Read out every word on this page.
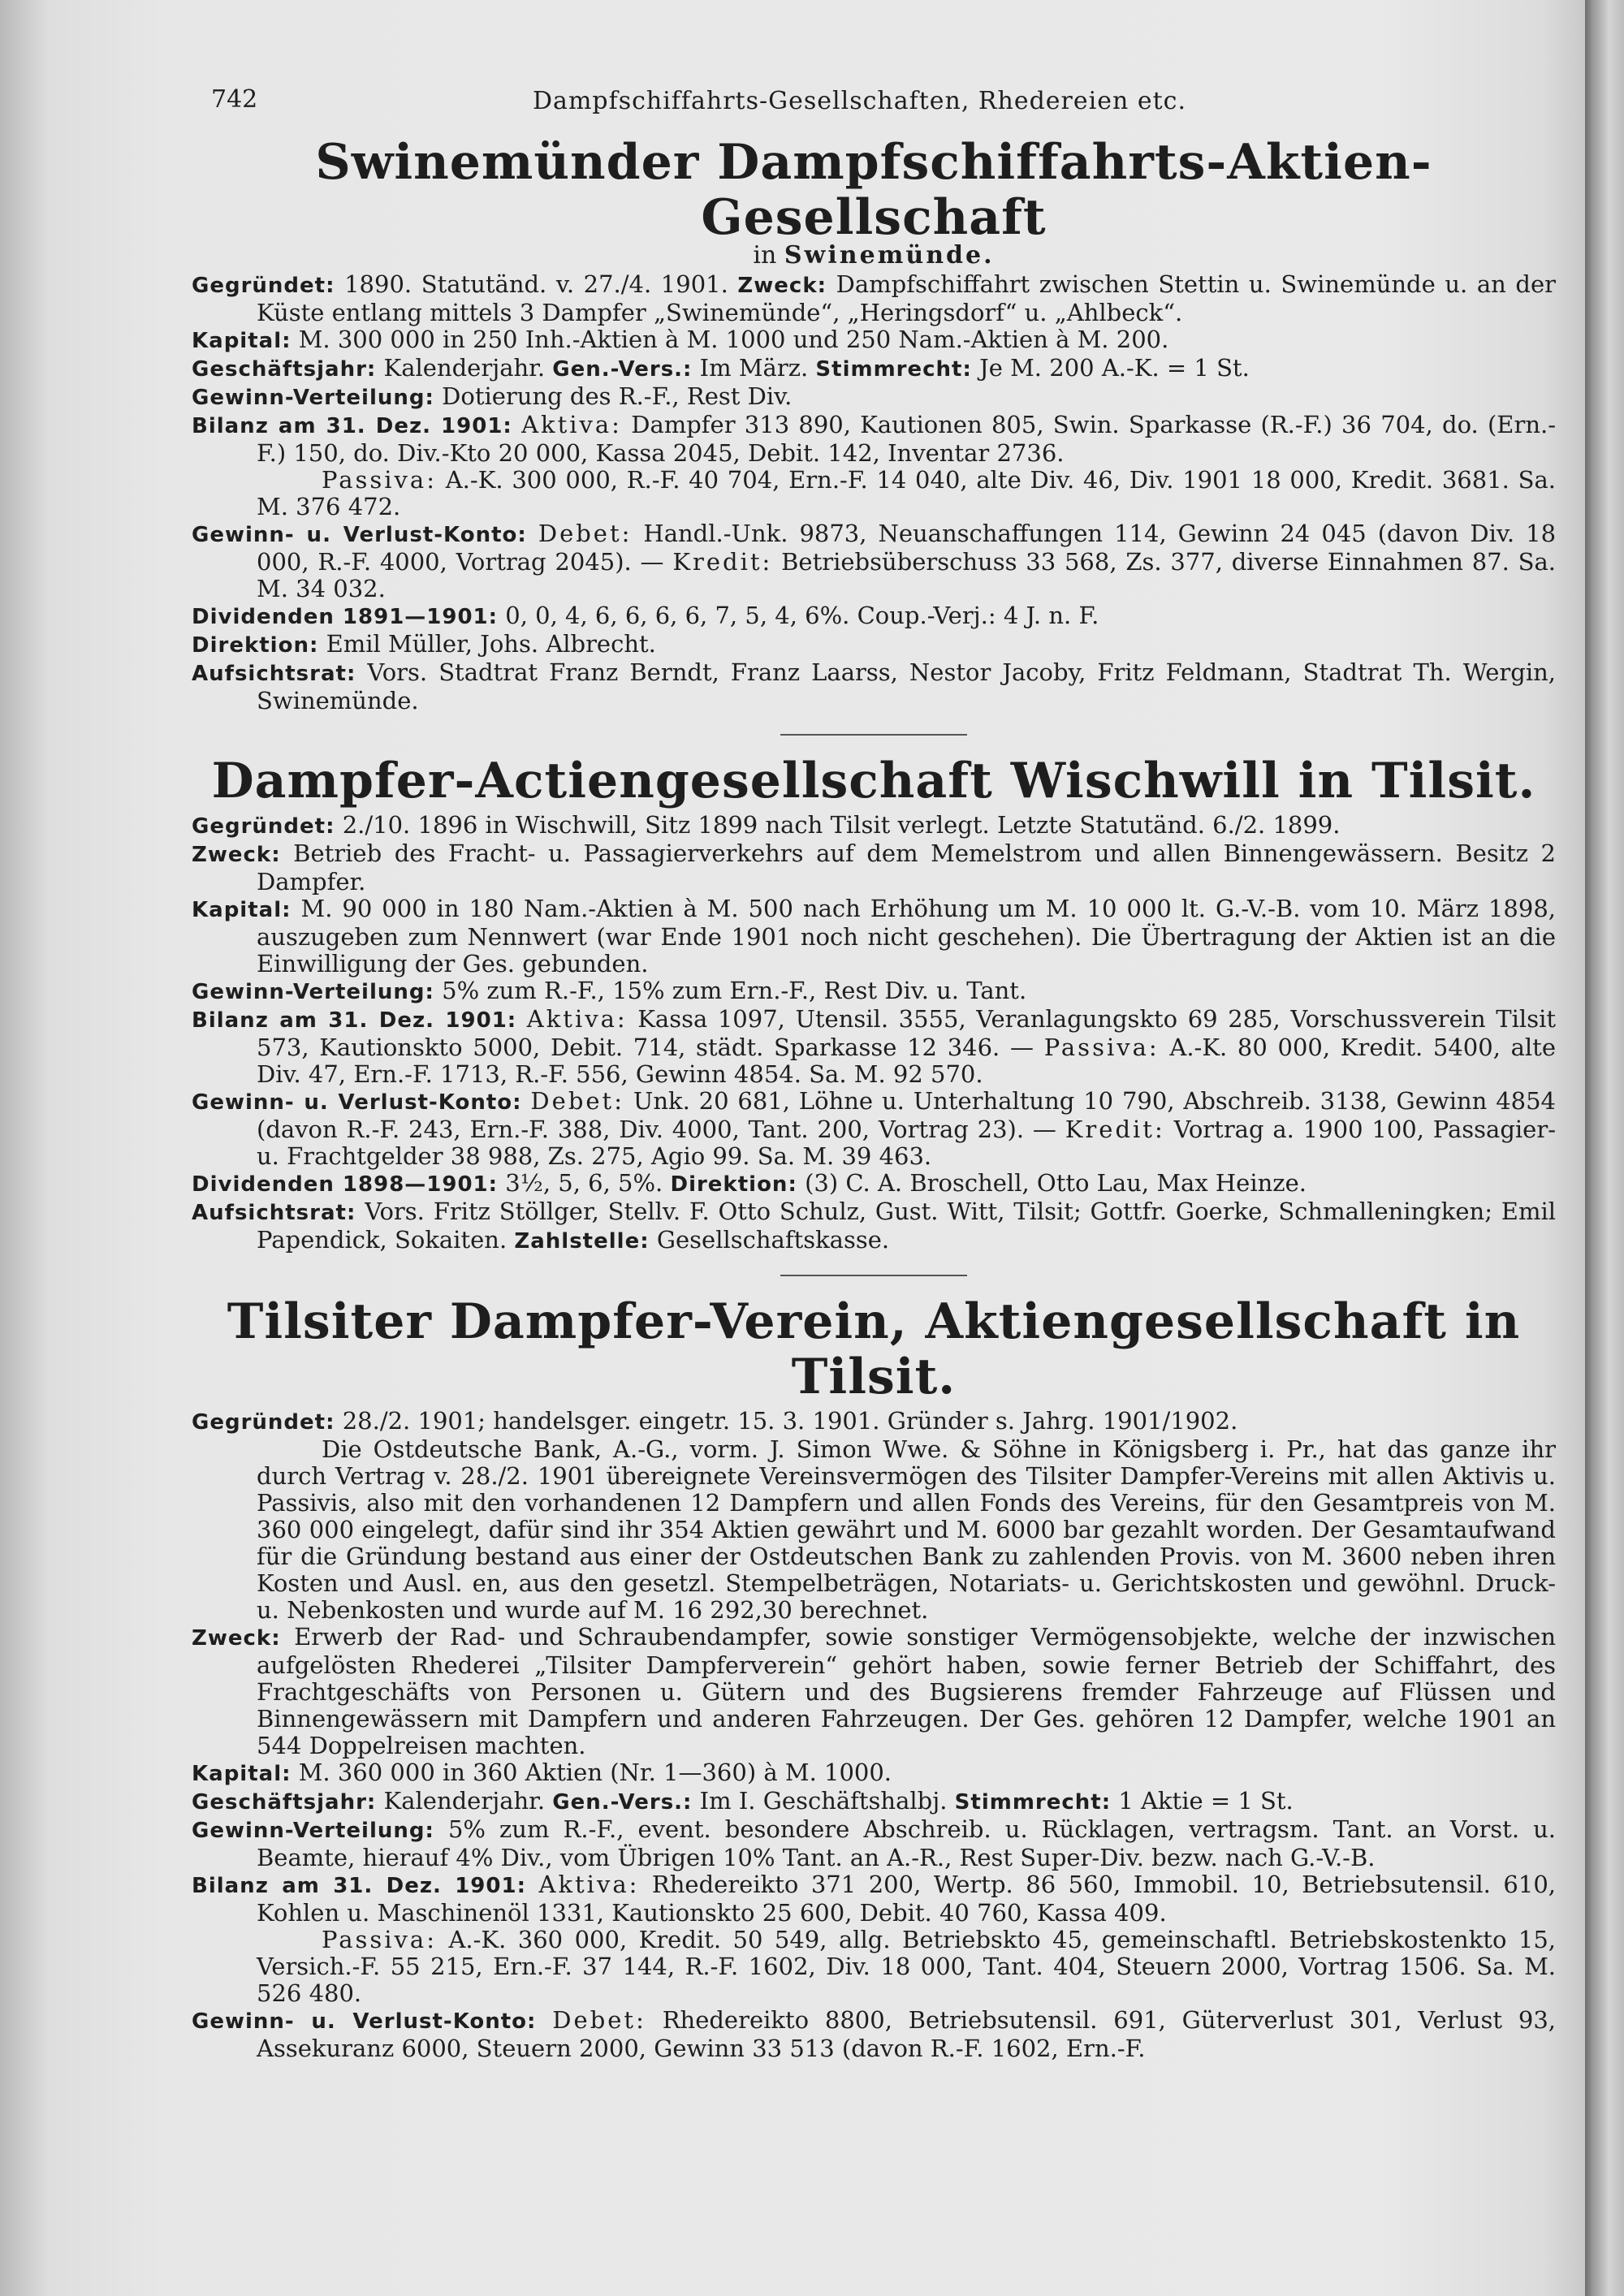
742	Dampfschiffahrts-Gesellschaften, Rhedereien etc.
Swinemünder Dampfschiffahrts-Aktien-Gesellschaft
in Swinemünde.

Gegründet: 1890. Statutänd. v. 27./4. 1901. Zweck: Dampfschiffahrt zwischen Stettin u. Swinemünde u. an der Küste entlang mittels 3 Dampfer „Swinemünde“, „Heringsdorf“ u. „Ahlbeck“.

Kapital: M. 300 000 in 250 Inh.-Aktien à M. 1000 und 250 Nam.-Aktien à M. 200.

Geschäftsjahr: Kalenderjahr. Gen.-Vers.: Im März. Stimmrecht: Je M. 200 A.-K. = 1 St.

Gewinn-Verteilung: Dotierung des R.-F., Rest Div.

Bilanz am 31. Dez. 1901: Aktiva: Dampfer 313 890, Kautionen 805, Swin. Sparkasse (R.-F.) 36 704, do. (Ern.-F.) 150, do. Div.-Kto 20 000, Kassa 2045, Debit. 142, Inventar 2736.

Passiva: A.-K. 300 000, R.-F. 40 704, Ern.-F. 14 040, alte Div. 46, Div. 1901 18 000, Kredit. 3681. Sa. M. 376 472.

Gewinn- u. Verlust-Konto: Debet: Handl.-Unk. 9873, Neuanschaffungen 114, Gewinn 24 045 (davon Div. 18 000, R.-F. 4000, Vortrag 2045). — Kredit: Betriebsüberschuss 33 568, Zs. 377, diverse Einnahmen 87. Sa. M. 34 032.

Dividenden 1891—1901: 0, 0, 4, 6, 6, 6, 6, 7, 5, 4, 6%. Coup.-Verj.: 4 J. n. F.

Direktion: Emil Müller, Johs. Albrecht.

Aufsichtsrat: Vors. Stadtrat Franz Berndt, Franz Laarss, Nestor Jacoby, Fritz Feldmann, Stadtrat Th. Wergin, Swinemünde.

Dampfer-Actiengesellschaft Wischwill in Tilsit.

Gegründet: 2./10. 1896 in Wischwill, Sitz 1899 nach Tilsit verlegt. Letzte Statutänd. 6./2. 1899.

Zweck: Betrieb des Fracht- u. Passagierverkehrs auf dem Memelstrom und allen Binnengewässern. Besitz 2 Dampfer.

Kapital: M. 90 000 in 180 Nam.-Aktien à M. 500 nach Erhöhung um M. 10 000 lt. G.-V.-B. vom 10. März 1898, auszugeben zum Nennwert (war Ende 1901 noch nicht geschehen). Die Übertragung der Aktien ist an die Einwilligung der Ges. gebunden.

Gewinn-Verteilung: 5% zum R.-F., 15% zum Ern.-F., Rest Div. u. Tant.

Bilanz am 31. Dez. 1901: Aktiva: Kassa 1097, Utensil. 3555, Veranlagungskto 69 285, Vorschussverein Tilsit 573, Kautionskto 5000, Debit. 714, städt. Sparkasse 12 346. — Passiva: A.-K. 80 000, Kredit. 5400, alte Div. 47, Ern.-F. 1713, R.-F. 556, Gewinn 4854. Sa. M. 92 570.

Gewinn- u. Verlust-Konto: Debet: Unk. 20 681, Löhne u. Unterhaltung 10 790, Abschreib. 3138, Gewinn 4854 (davon R.-F. 243, Ern.-F. 388, Div. 4000, Tant. 200, Vortrag 23). — Kredit: Vortrag a. 1900 100, Passagier- u. Frachtgelder 38 988, Zs. 275, Agio 99. Sa. M. 39 463.

Dividenden 1898—1901: 3½, 5, 6, 5%. Direktion: (3) C. A. Broschell, Otto Lau, Max Heinze.

Aufsichtsrat: Vors. Fritz Stöllger, Stellv. F. Otto Schulz, Gust. Witt, Tilsit; Gottfr. Goerke, Schmalleningken; Emil Papendick, Sokaiten. Zahlstelle: Gesellschaftskasse.

Tilsiter Dampfer-Verein, Aktiengesellschaft in Tilsit.

Gegründet: 28./2. 1901; handelsger. eingetr. 15. 3. 1901. Gründer s. Jahrg. 1901/1902.

Die Ostdeutsche Bank, A.-G., vorm. J. Simon Wwe. & Söhne in Königsberg i. Pr., hat das ganze ihr durch Vertrag v. 28./2. 1901 übereignete Vereinsvermögen des Tilsiter Dampfer-Vereins mit allen Aktivis u. Passivis, also mit den vorhandenen 12 Dampfern und allen Fonds des Vereins, für den Gesamtpreis von M. 360 000 eingelegt, dafür sind ihr 354 Aktien gewährt und M. 6000 bar gezahlt worden. Der Gesamtaufwand für die Gründung bestand aus einer der Ostdeutschen Bank zu zahlenden Provis. von M. 3600 neben ihren Kosten und Ausl. en, aus den gesetzl. Stempelbeträgen, Notariats- u. Gerichtskosten und gewöhnl. Druck- u. Nebenkosten und wurde auf M. 16 292,30 berechnet.

Zweck: Erwerb der Rad- und Schraubendampfer, sowie sonstiger Vermögensobjekte, welche der inzwischen aufgelösten Rhederei „Tilsiter Dampferverein“ gehört haben, sowie ferner Betrieb der Schiffahrt, des Frachtgeschäfts von Personen u. Gütern und des Bugsierens fremder Fahrzeuge auf Flüssen und Binnengewässern mit Dampfern und anderen Fahrzeugen. Der Ges. gehören 12 Dampfer, welche 1901 an 544 Doppelreisen machten.

Kapital: M. 360 000 in 360 Aktien (Nr. 1—360) à M. 1000.

Geschäftsjahr: Kalenderjahr. Gen.-Vers.: Im I. Geschäftshalbj. Stimmrecht: 1 Aktie = 1 St.

Gewinn-Verteilung: 5% zum R.-F., event. besondere Abschreib. u. Rücklagen, vertragsm. Tant. an Vorst. u. Beamte, hierauf 4% Div., vom Übrigen 10% Tant. an A.-R., Rest Super-Div. bezw. nach G.-V.-B.

Bilanz am 31. Dez. 1901: Aktiva: Rhedereikto 371 200, Wertp. 86 560, Immobil. 10, Betriebsutensil. 610, Kohlen u. Maschinenöl 1331, Kautionskto 25 600, Debit. 40 760, Kassa 409.

Passiva: A.-K. 360 000, Kredit. 50 549, allg. Betriebskto 45, gemeinschaftl. Betriebskostenkto 15, Versich.-F. 55 215, Ern.-F. 37 144, R.-F. 1602, Div. 18 000, Tant. 404, Steuern 2000, Vortrag 1506. Sa. M. 526 480.

Gewinn- u. Verlust-Konto: Debet: Rhedereikto 8800, Betriebsutensil. 691, Güterverlust 301, Verlust 93, Assekuranz 6000, Steuern 2000, Gewinn 33 513 (davon R.-F. 1602, Ern.-F.
